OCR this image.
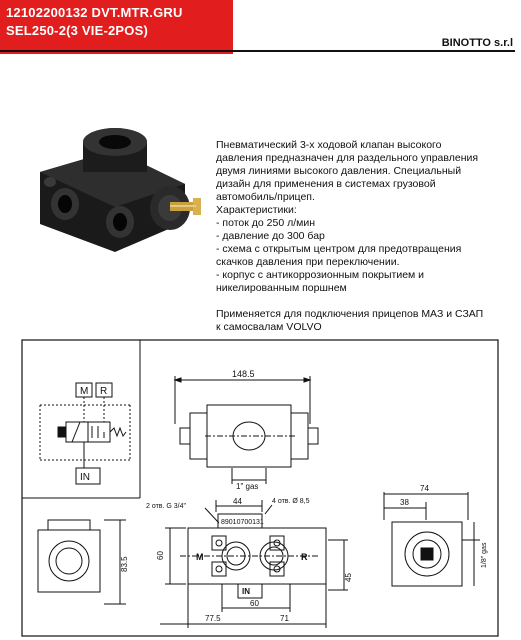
12102200132 DVT.MTR.GRU
SEL250-2(3 VIE-2POS)
BINOTTO s.r.l

Пневматический 3-х ходовой клапан высокого

давления предназначен для раздельного управления

двумя линиями высокого давления. Специальный

дизайн для применения в системах грузовой

автомобиль/прицеп.

Характеристики:

- поток до 250 л/мин

- давление до 300 бар

- схема с открытым центром для предотвращения

скачков давления при переключении.

- корпус с антикоррозионным покрытием и

никелированным поршнем

Применяется для подключения прицепов МАЗ и СЗАП

к самосвалам VOLVO

M R
IN
148.5
1" gas
2 отв. G 3/4"
4 отв. Ø 8,5
44
89010700131
M	R
IN
60
45
60
77.5	71
83.5
74
38
1/8" gas
